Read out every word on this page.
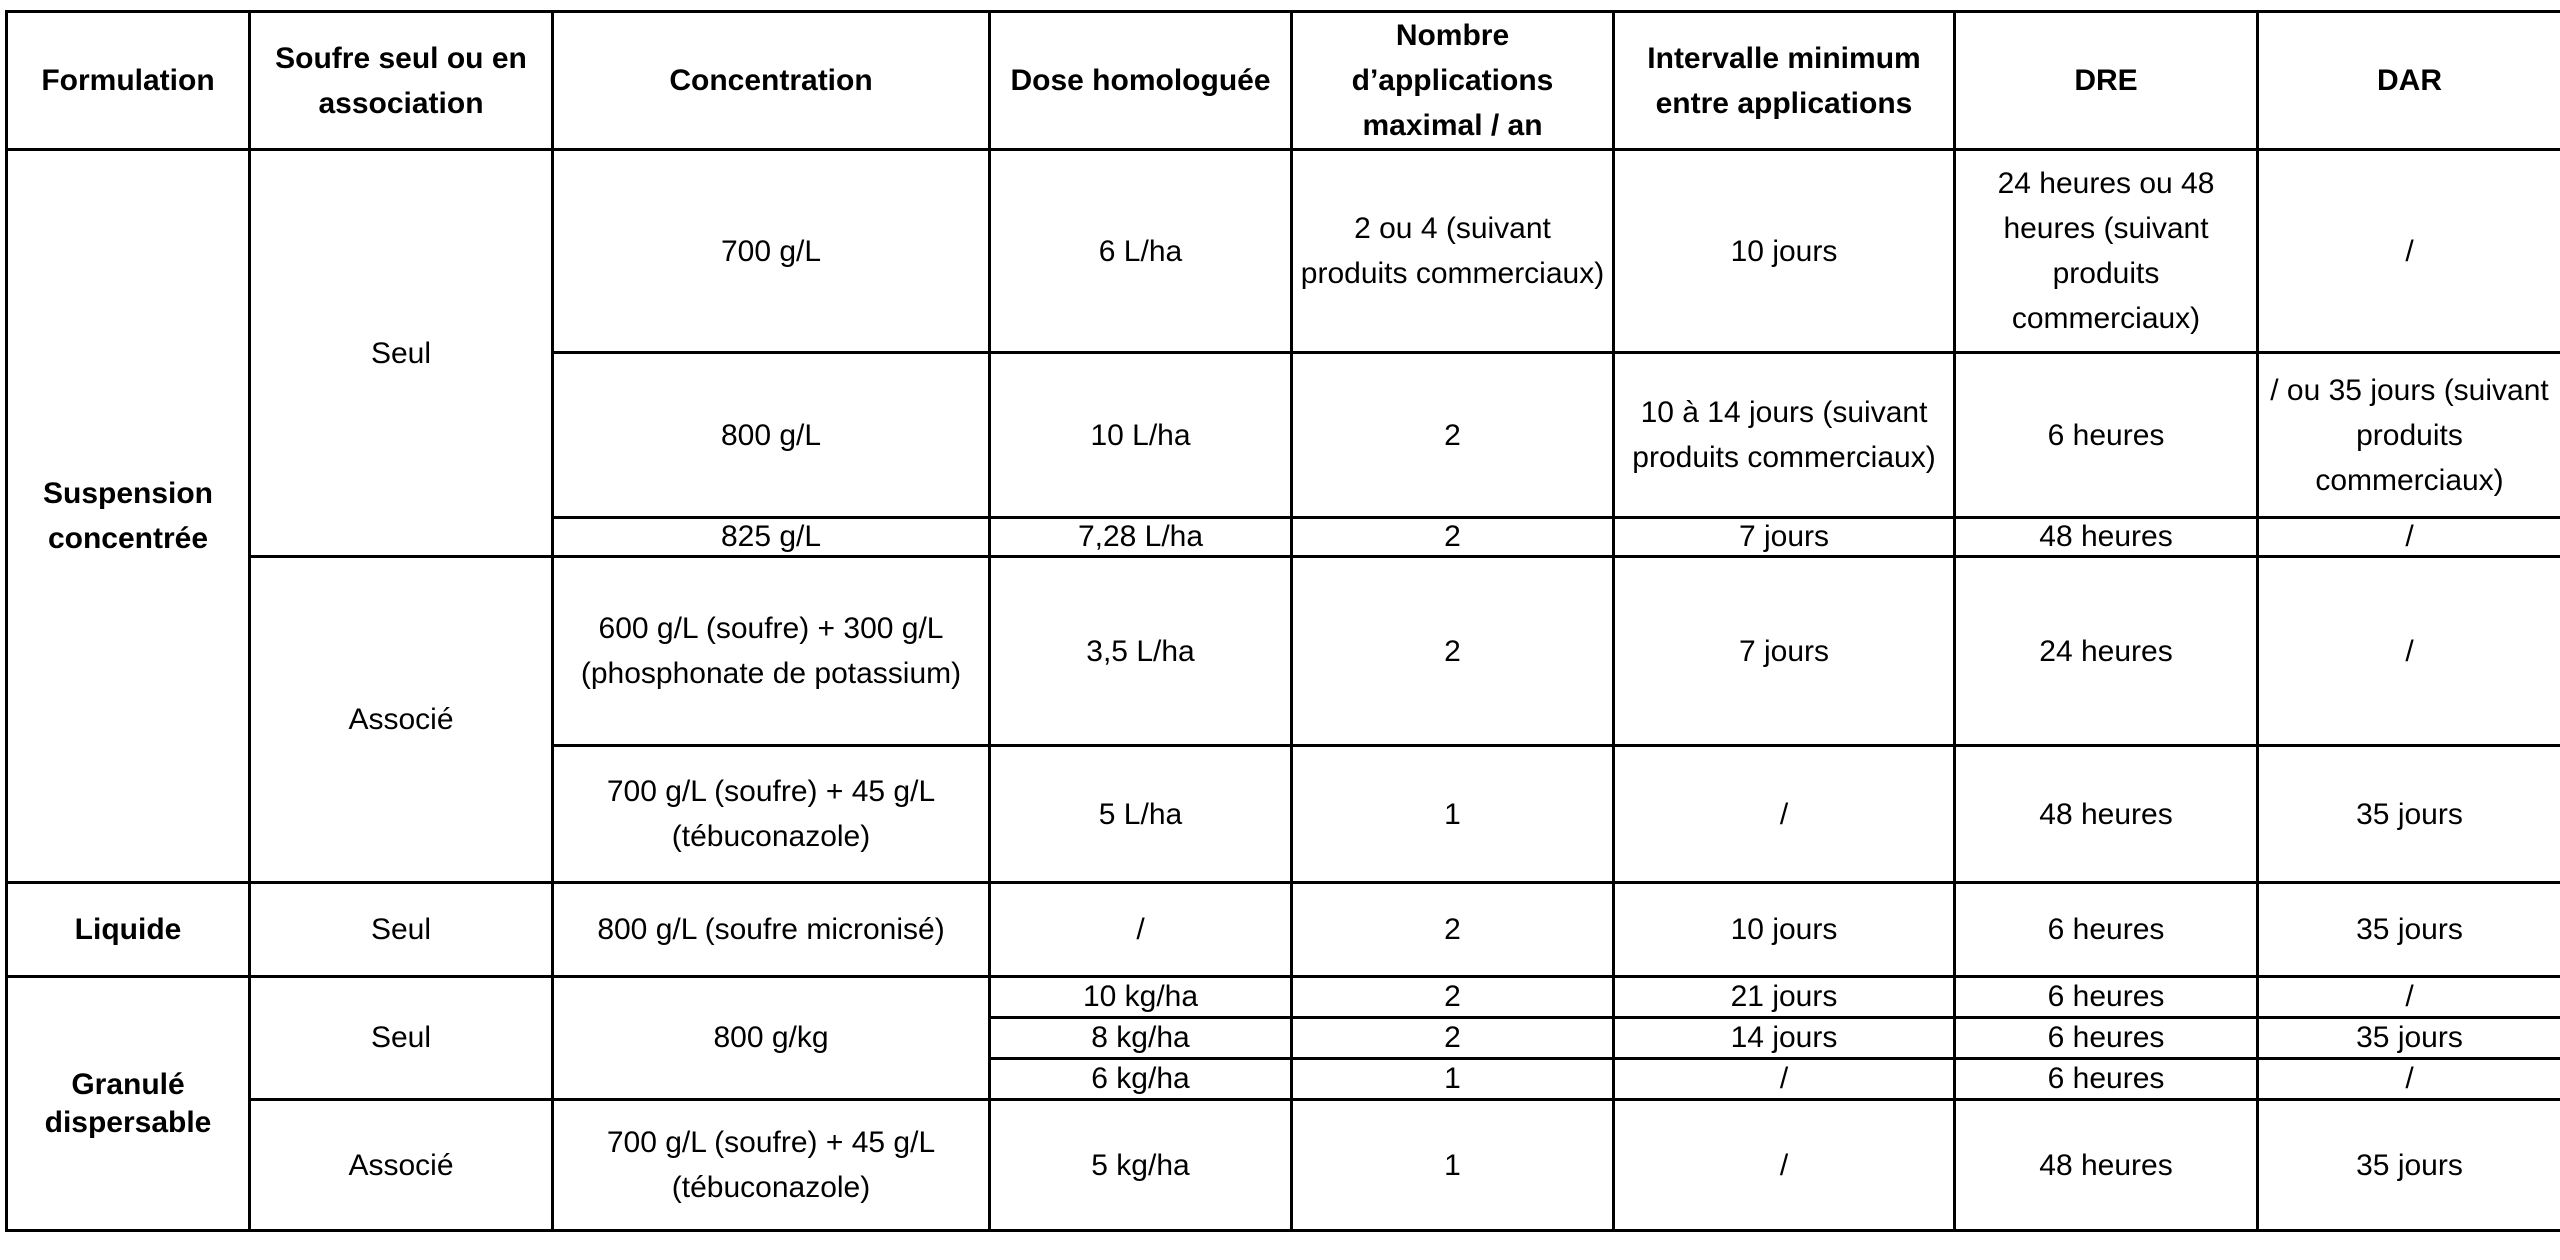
Formulation	Soufre seul ou en association	Concentration	Dose homologuée	Nombre d’applications maximal / an	Intervalle minimum entre applications	DRE	DAR
Suspension concentrée	Seul	700 g/L	6 L/ha	2 ou 4 (suivant produits commerciaux)	10 jours	24 heures ou 48 heures (suivant produits commerciaux)	/
		800 g/L	10 L/ha	2	10 à 14 jours (suivant produits commerciaux)	6 heures	/ ou 35 jours (suivant produits commerciaux)
		825 g/L	7,28 L/ha	2	7 jours	48 heures	/
	Associé	600 g/L (soufre) + 300 g/L (phosphonate de potassium)	3,5 L/ha	2	7 jours	24 heures	/
		700 g/L (soufre) + 45 g/L (tébuconazole)	5 L/ha	1	/	48 heures	35 jours
Liquide	Seul	800 g/L (soufre micronisé)	/	2	10 jours	6 heures	35 jours
Granulé dispersable	Seul	800 g/kg	10 kg/ha	2	21 jours	6 heures	/
			8 kg/ha	2	14 jours	6 heures	35 jours
			6 kg/ha	1	/	6 heures	/
	Associé	700 g/L (soufre) + 45 g/L (tébuconazole)	5 kg/ha	1	/	48 heures	35 jours
